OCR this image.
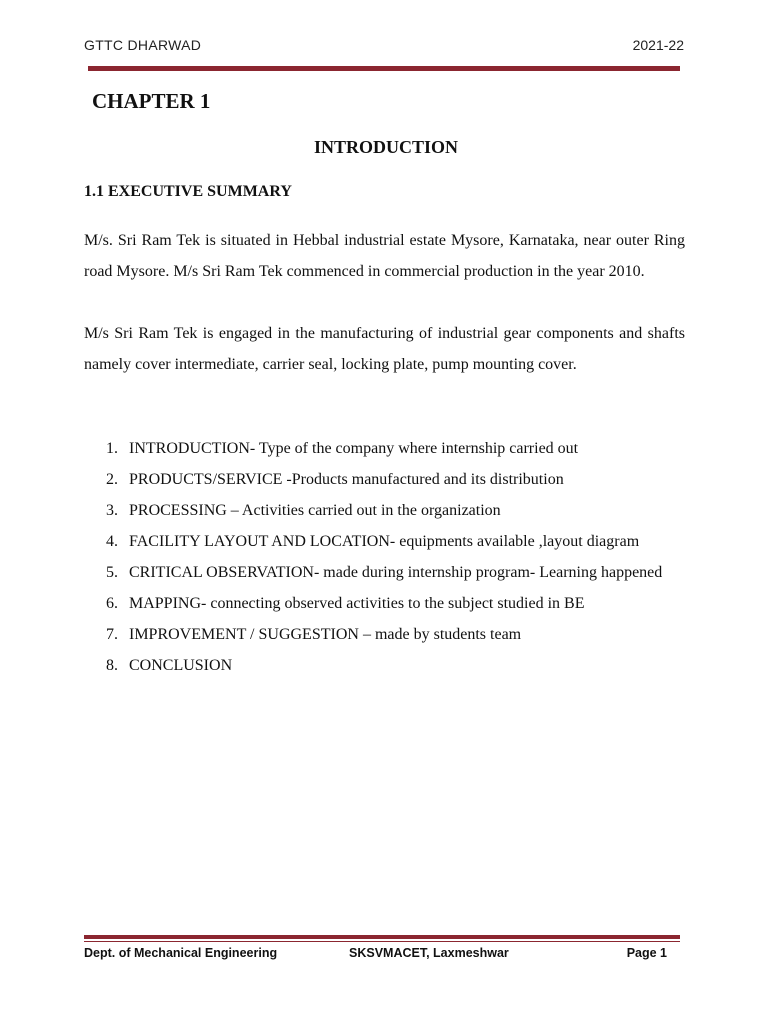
GTTC DHARWAD	2021-22
CHAPTER 1
INTRODUCTION
1.1 EXECUTIVE SUMMARY

M/s. Sri Ram Tek is situated in Hebbal industrial estate Mysore, Karnataka, near outer Ring road Mysore. M/s Sri Ram Tek commenced in commercial production in the year 2010.

M/s Sri Ram Tek is engaged in the manufacturing of industrial gear components and shafts namely cover intermediate, carrier seal, locking plate, pump mounting cover.

1. INTRODUCTION- Type of the company where internship carried out
2. PRODUCTS/SERVICE -Products manufactured and its distribution
3. PROCESSING – Activities carried out in the organization
4. FACILITY LAYOUT AND LOCATION- equipments available ,layout diagram
5. CRITICAL OBSERVATION- made during internship program- Learning happened
6. MAPPING- connecting observed activities to the subject studied in BE
7. IMPROVEMENT / SUGGESTION – made by students team
8. CONCLUSION
Dept. of Mechanical Engineering	SKSVMACET, Laxmeshwar	Page 1
